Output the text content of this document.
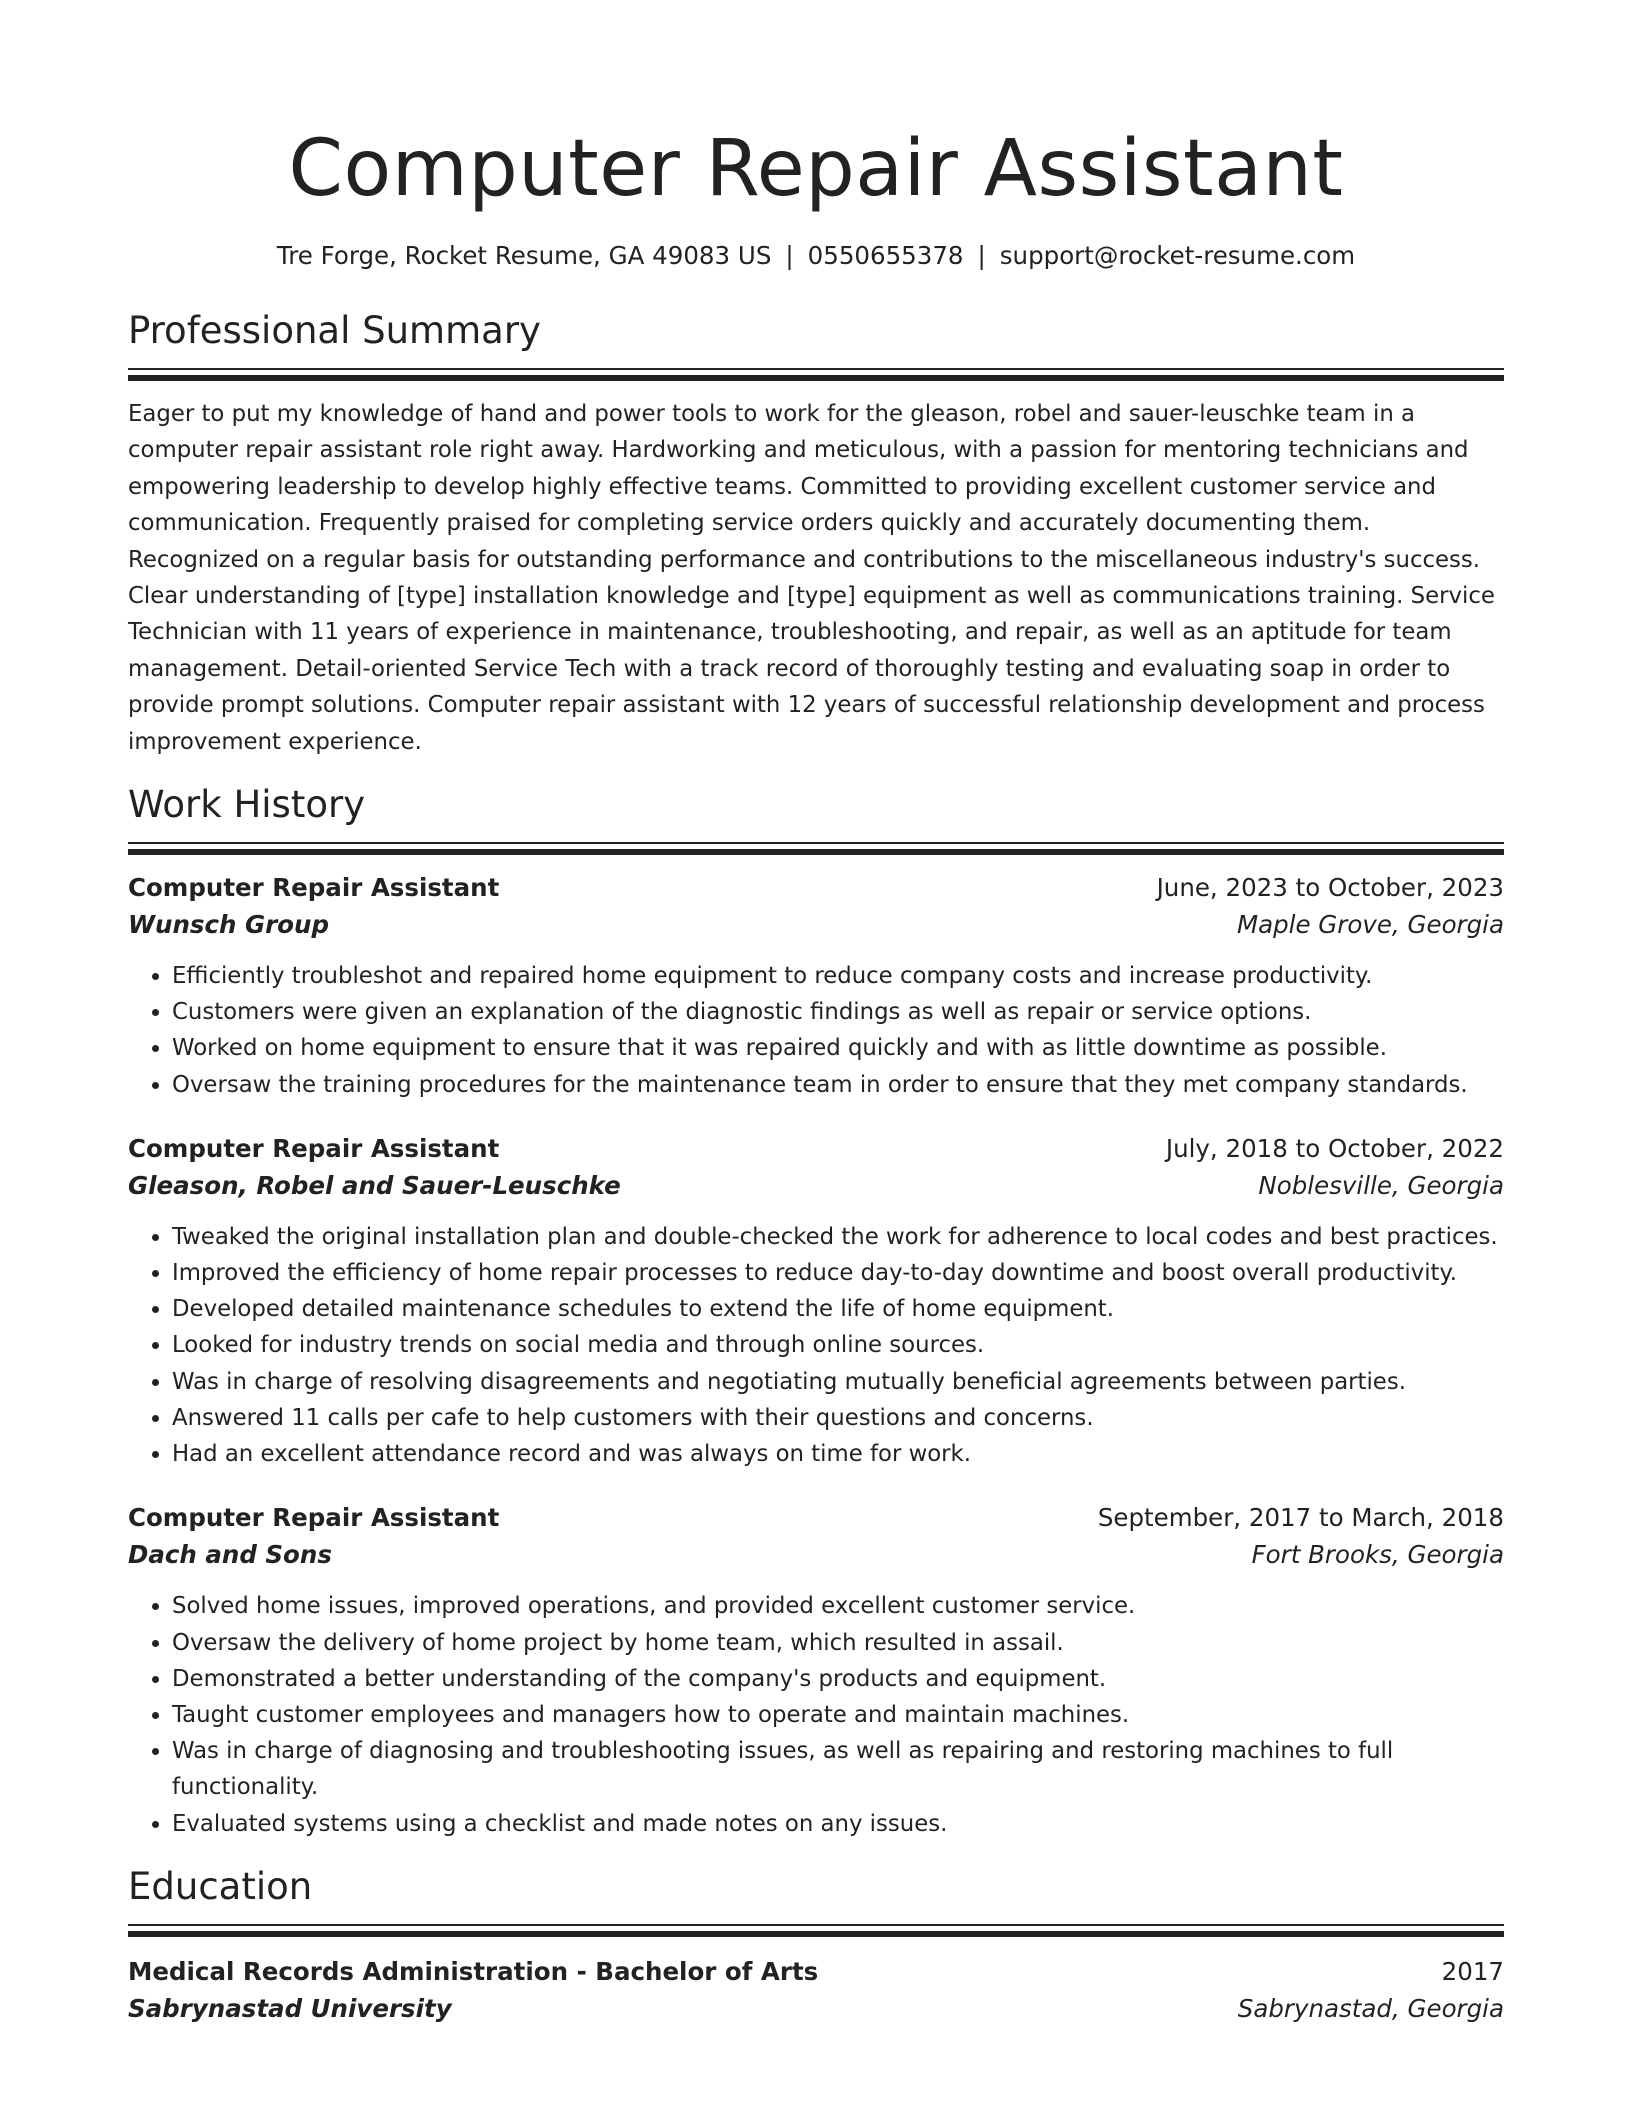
Computer Repair Assistant
Tre Forge, Rocket Resume, GA 49083 US | 0550655378 | support@rocket-resume.com
Professional Summary

Eager to put my knowledge of hand and power tools to work for the gleason, robel and sauer-leuschke team in a computer repair assistant role right away. Hardworking and meticulous, with a passion for mentoring technicians and empowering leadership to develop highly effective teams. Committed to providing excellent customer service and communication. Frequently praised for completing service orders quickly and accurately documenting them. Recognized on a regular basis for outstanding performance and contributions to the miscellaneous industry's success. Clear understanding of [type] installation knowledge and [type] equipment as well as communications training. Service Technician with 11 years of experience in maintenance, troubleshooting, and repair, as well as an aptitude for team management. Detail-oriented Service Tech with a track record of thoroughly testing and evaluating soap in order to provide prompt solutions. Computer repair assistant with 12 years of successful relationship development and process improvement experience.

Work History
Computer Repair Assistant	June, 2023 to October, 2023
Wunsch Group	Maple Grove, Georgia
• Efficiently troubleshot and repaired home equipment to reduce company costs and increase productivity.
• Customers were given an explanation of the diagnostic findings as well as repair or service options.
• Worked on home equipment to ensure that it was repaired quickly and with as little downtime as possible.
• Oversaw the training procedures for the maintenance team in order to ensure that they met company standards.
Computer Repair Assistant	July, 2018 to October, 2022
Gleason, Robel and Sauer-Leuschke	Noblesville, Georgia
• Tweaked the original installation plan and double-checked the work for adherence to local codes and best practices.
• Improved the efficiency of home repair processes to reduce day-to-day downtime and boost overall productivity.
• Developed detailed maintenance schedules to extend the life of home equipment.
• Looked for industry trends on social media and through online sources.
• Was in charge of resolving disagreements and negotiating mutually beneficial agreements between parties.
• Answered 11 calls per cafe to help customers with their questions and concerns.
• Had an excellent attendance record and was always on time for work.
Computer Repair Assistant	September, 2017 to March, 2018
Dach and Sons	Fort Brooks, Georgia
• Solved home issues, improved operations, and provided excellent customer service.
• Oversaw the delivery of home project by home team, which resulted in assail.
• Demonstrated a better understanding of the company's products and equipment.
• Taught customer employees and managers how to operate and maintain machines.
• Was in charge of diagnosing and troubleshooting issues, as well as repairing and restoring machines to full functionality.
• Evaluated systems using a checklist and made notes on any issues.
Education
Medical Records Administration - Bachelor of Arts	2017
Sabrynastad University	Sabrynastad, Georgia
